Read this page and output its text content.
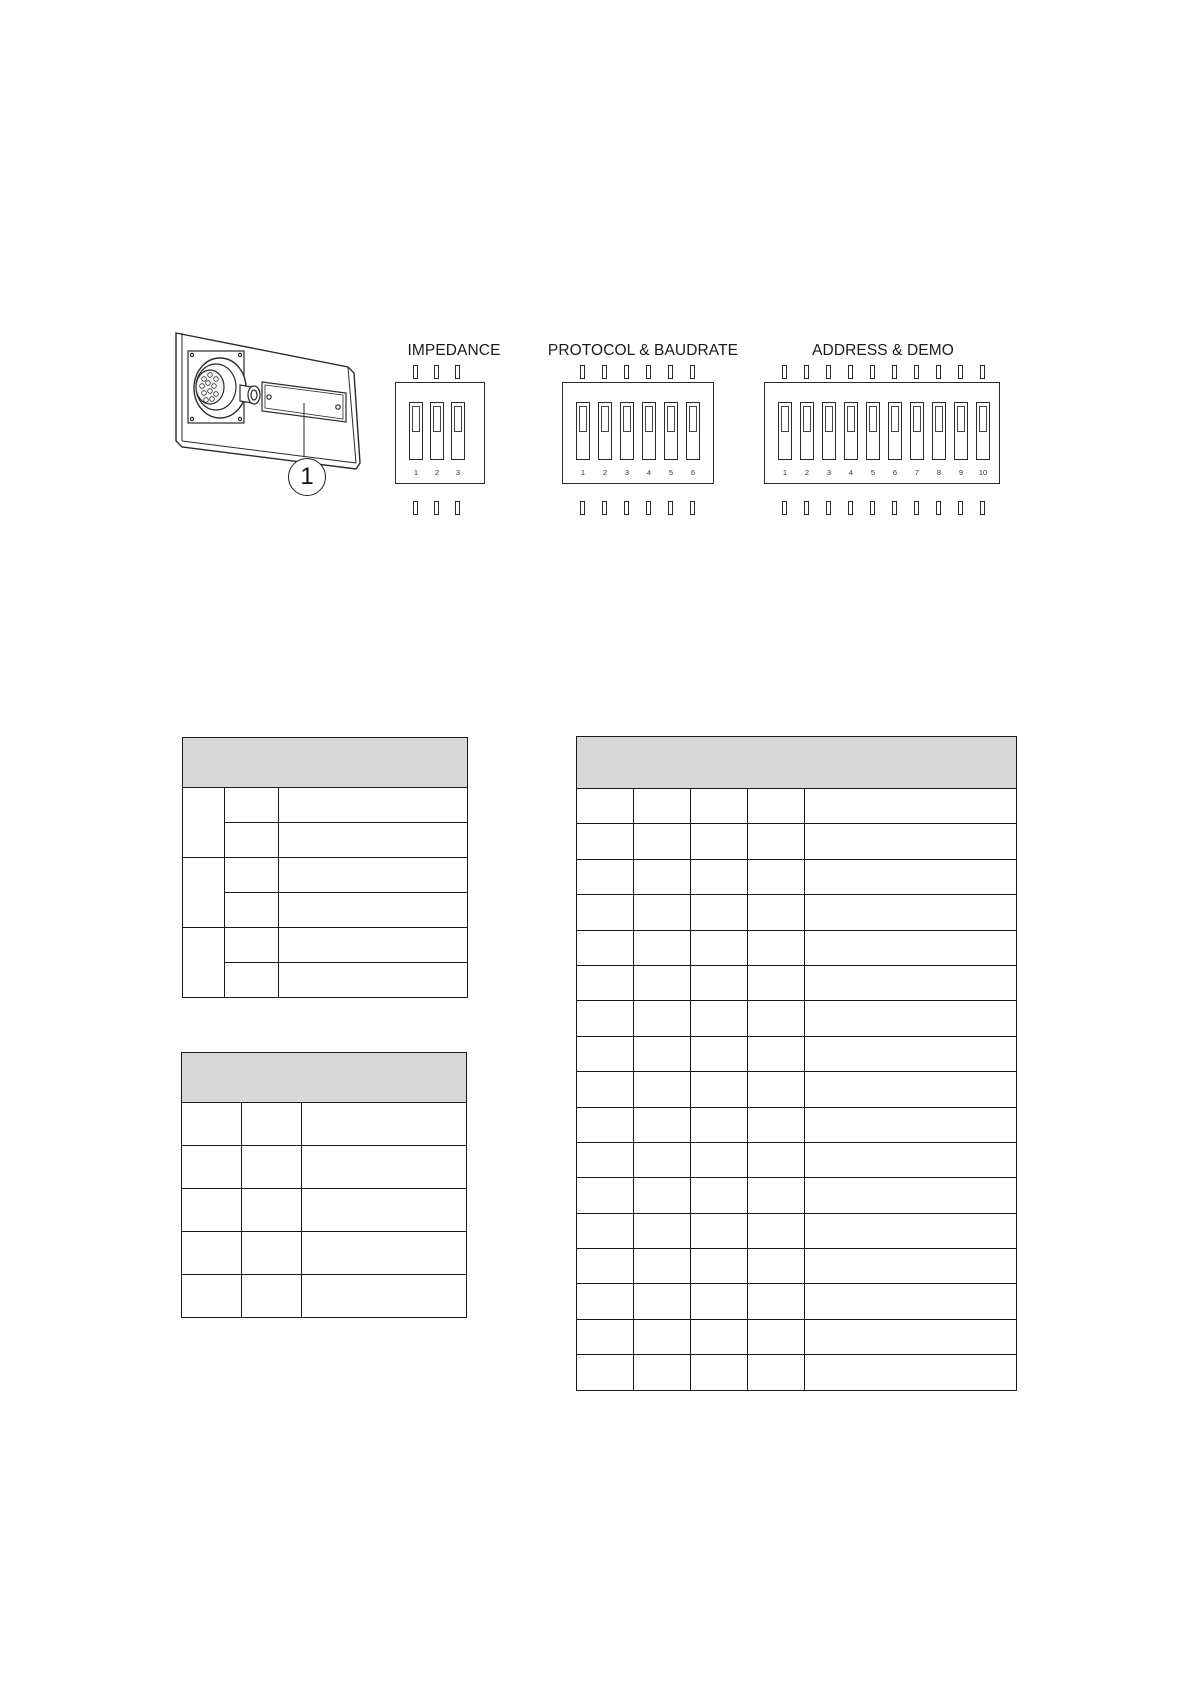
1
IMPEDANCE	PROTOCOL & BAUDRATE	ADDRESS & DEMO
1	2	3	1	2	3	4	5	6	1	2	3	4	5	6	7	8	9	10
